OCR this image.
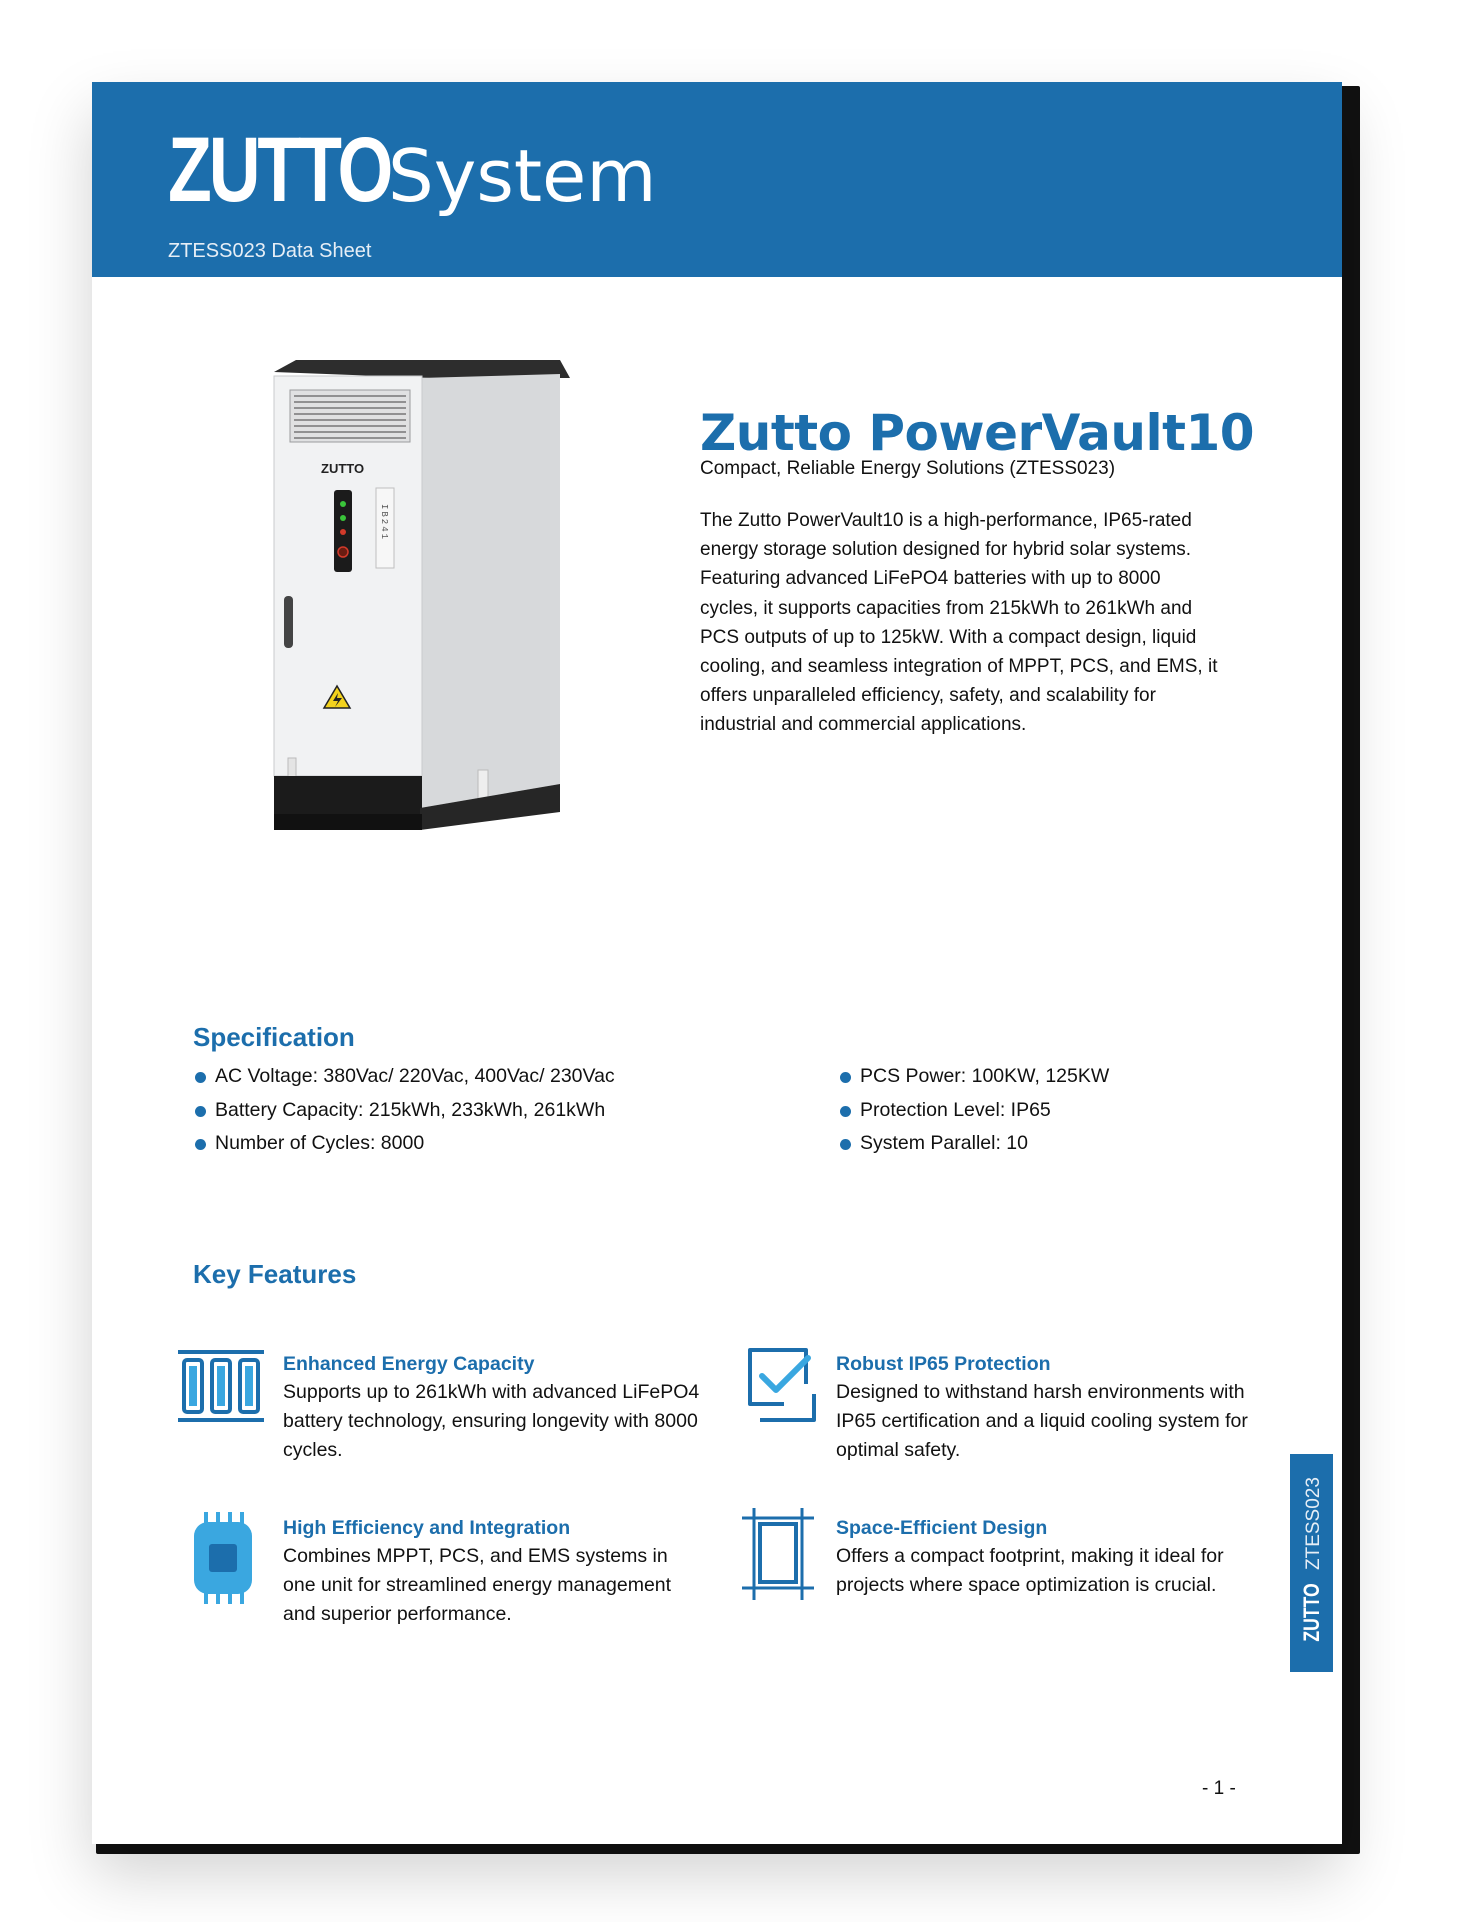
ZUTTO
System
ZTESS023 Data Sheet
ZUTTO
IB241
Zutto PowerVault10
Compact, Reliable Energy Solutions (ZTESS023)

The Zutto PowerVault10 is a high-performance, IP65-rated energy storage solution designed for hybrid solar systems. Featuring advanced LiFePO4 batteries with up to 8000 cycles, it supports capacities from 215kWh to 261kWh and PCS outputs of up to 125kW. With a compact design, liquid cooling, and seamless integration of MPPT, PCS, and EMS, it offers unparalleled efficiency, safety, and scalability for industrial and commercial applications.

Specification
AC Voltage: 380Vac/ 220Vac, 400Vac/ 230Vac
Battery Capacity: 215kWh, 233kWh, 261kWh
Number of Cycles: 8000
PCS Power: 100KW, 125KW
Protection Level: IP65
System Parallel: 10
Key Features
Enhanced Energy Capacity
Supports up to 261kWh with advanced LiFePO4 battery technology, ensuring longevity with 8000 cycles.
Robust IP65 Protection
Designed to withstand harsh environments with IP65 certification and a liquid cooling system for optimal safety.
High Efficiency and Integration
Combines MPPT, PCS, and EMS systems in one unit for streamlined energy management and superior performance.
Space-Efficient Design
Offers a compact footprint, making it ideal for projects where space optimization is crucial.	ZUTTO
ZTESS023
- 1 -
